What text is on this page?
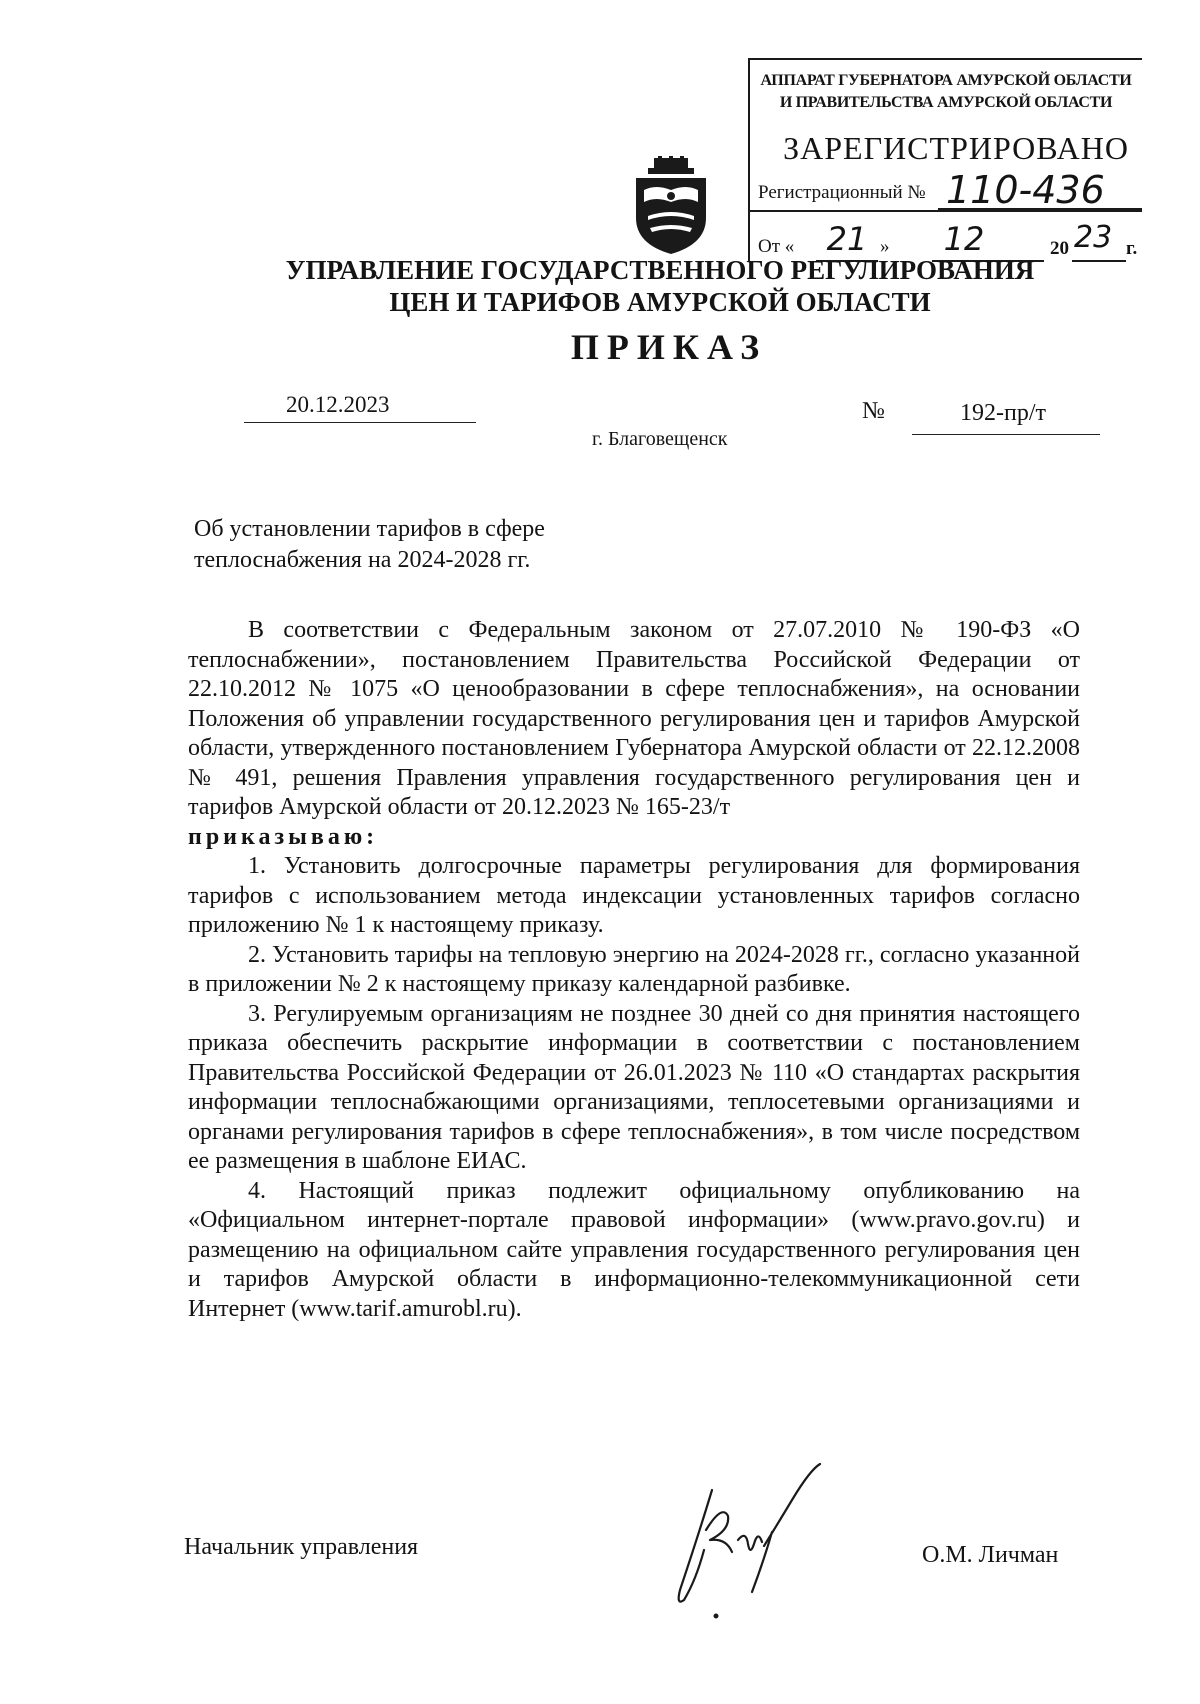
АППАРАТ ГУБЕРНАТОРА АМУРСКОЙ ОБЛАСТИ
И ПРАВИТЕЛЬСТВА АМУРСКОЙ ОБЛАСТИ
ЗАРЕГИСТРИРОВАНО
Регистрационный № 110-436
От «	21 »	12	20 23 г.
УПРАВЛЕНИЕ ГОСУДАРСТВЕННОГО РЕГУЛИРОВАНИЯ
ЦЕН И ТАРИФОВ АМУРСКОЙ ОБЛАСТИ
ПРИКАЗ
20.12.2023	№	192-пр/т
г. Благовещенск
Об установлении тарифов в сфере
теплоснабжения на 2024-2028 гг.

В соответствии с Федеральным законом от 27.07.2010 № 190-ФЗ «О теплоснабжении», постановлением Правительства Российской Федерации от 22.10.2012 № 1075 «О ценообразовании в сфере теплоснабжения», на основании Положения об управлении государственного регулирования цен и тарифов Амурской области, утвержденного постановлением Губернатора Амурской области от 22.12.2008 № 491, решения Правления управления государственного регулирования цен и тарифов Амурской области от 20.12.2023 № 165-23/т

приказываю:

1. Установить долгосрочные параметры регулирования для формирования тарифов с использованием метода индексации установленных тарифов согласно приложению № 1 к настоящему приказу.

2. Установить тарифы на тепловую энергию на 2024-2028 гг., согласно указанной в приложении № 2 к настоящему приказу календарной разбивке.

3. Регулируемым организациям не позднее 30 дней со дня принятия настоящего приказа обеспечить раскрытие информации в соответствии с постановлением Правительства Российской Федерации от 26.01.2023 № 110 «О стандартах раскрытия информации теплоснабжающими организациями, теплосетевыми организациями и органами регулирования тарифов в сфере теплоснабжения», в том числе посредством ее размещения в шаблоне ЕИАС.

4. Настоящий приказ подлежит официальному опубликованию на «Официальном интернет-портале правовой информации» (www.pravo.gov.ru) и размещению на официальном сайте управления государственного регулирования цен и тарифов Амурской области в информационно-телекоммуникационной сети Интернет (www.tarif.amurobl.ru).

Начальник управления	О.М. Личман
